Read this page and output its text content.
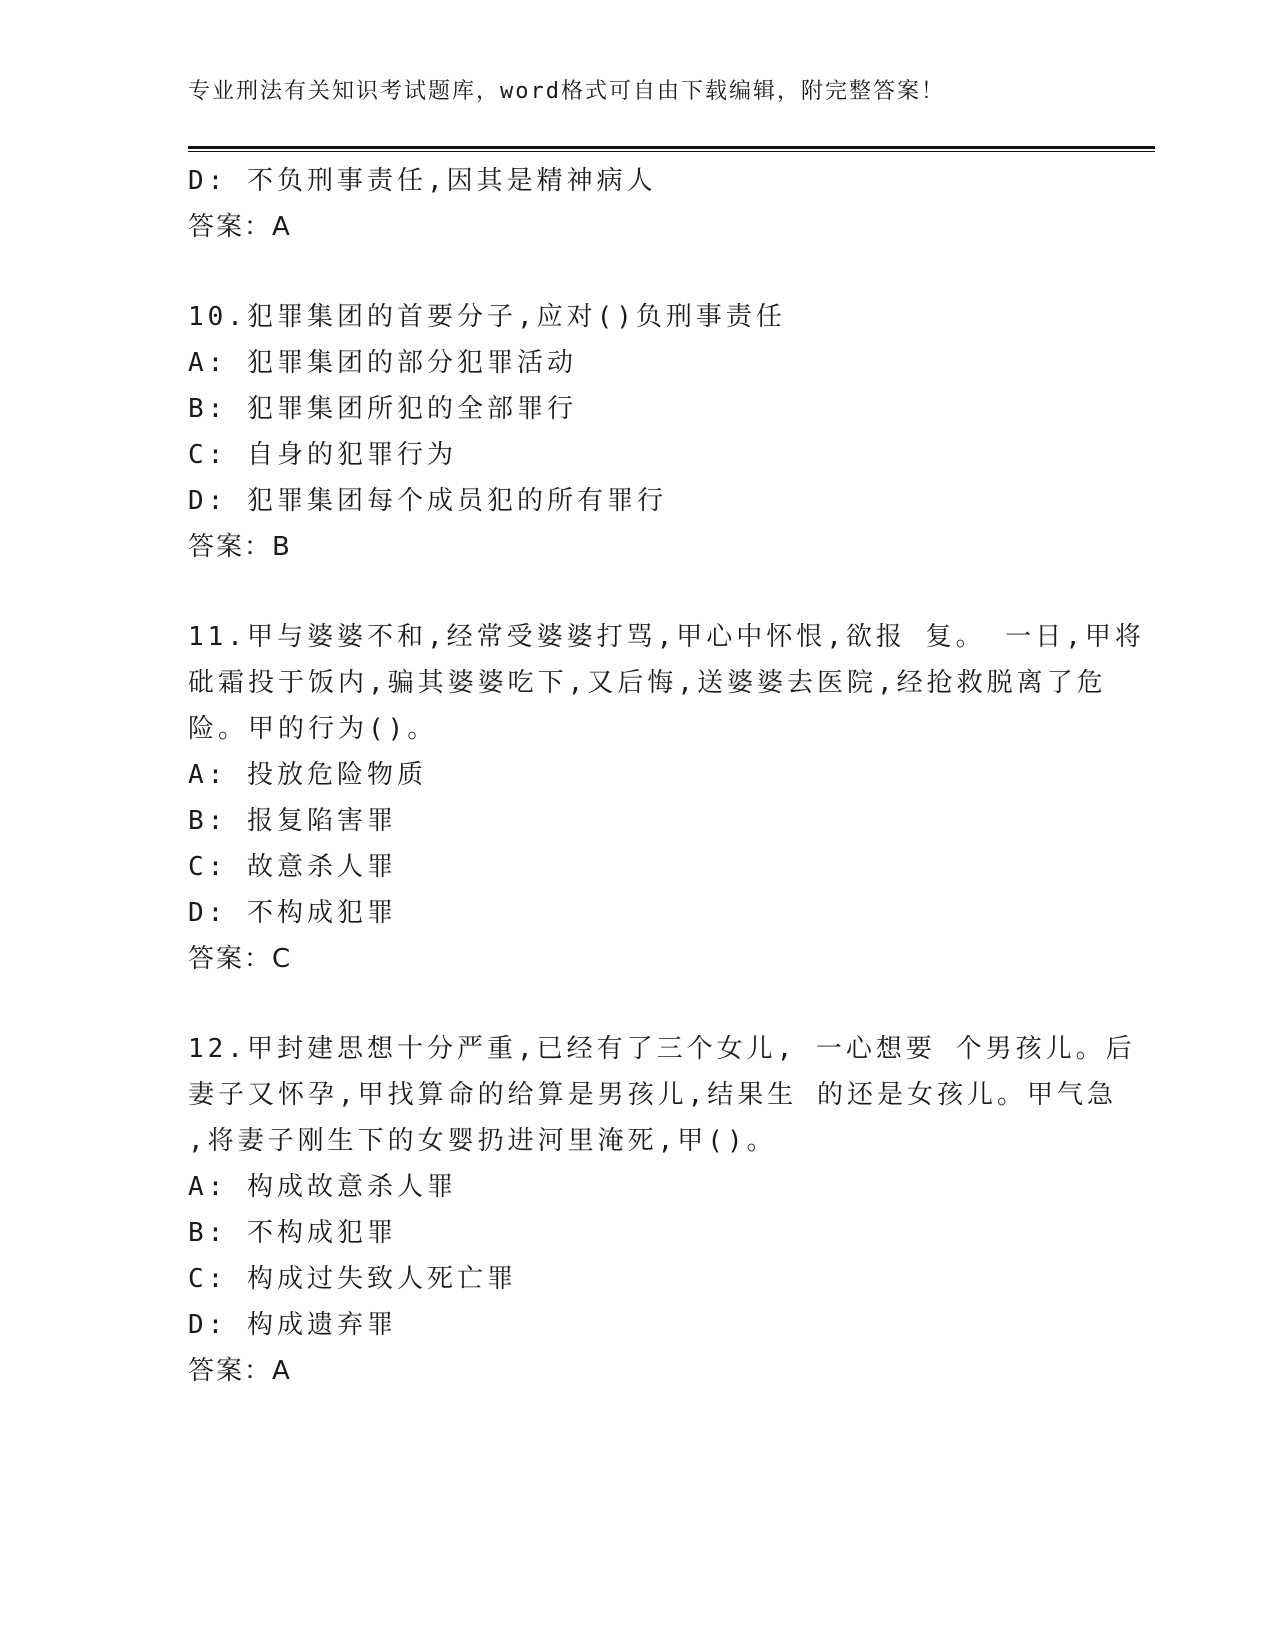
专业刑法有关知识考试题库，word格式可自由下载编辑，附完整答案！
D: 不负刑事责任,因其是精神病人
答案：A
10.犯罪集团的首要分子,应对()负刑事责任
A: 犯罪集团的部分犯罪活动
B: 犯罪集团所犯的全部罪行
C: 自身的犯罪行为
D: 犯罪集团每个成员犯的所有罪行
答案：B
11.甲与婆婆不和,经常受婆婆打骂,甲心中怀恨,欲报 复。 一日,甲将
砒霜投于饭内,骗其婆婆吃下,又后悔,送婆婆去医院,经抢救脱离了危
险。甲的行为()。
A: 投放危险物质
B: 报复陷害罪
C: 故意杀人罪
D: 不构成犯罪
答案：C
12.甲封建思想十分严重,已经有了三个女儿, 一心想要 个男孩儿。后
妻子又怀孕,甲找算命的给算是男孩儿,结果生 的还是女孩儿。甲气急
,将妻子刚生下的女婴扔进河里淹死,甲()。
A: 构成故意杀人罪
B: 不构成犯罪
C: 构成过失致人死亡罪
D: 构成遗弃罪
答案：A
